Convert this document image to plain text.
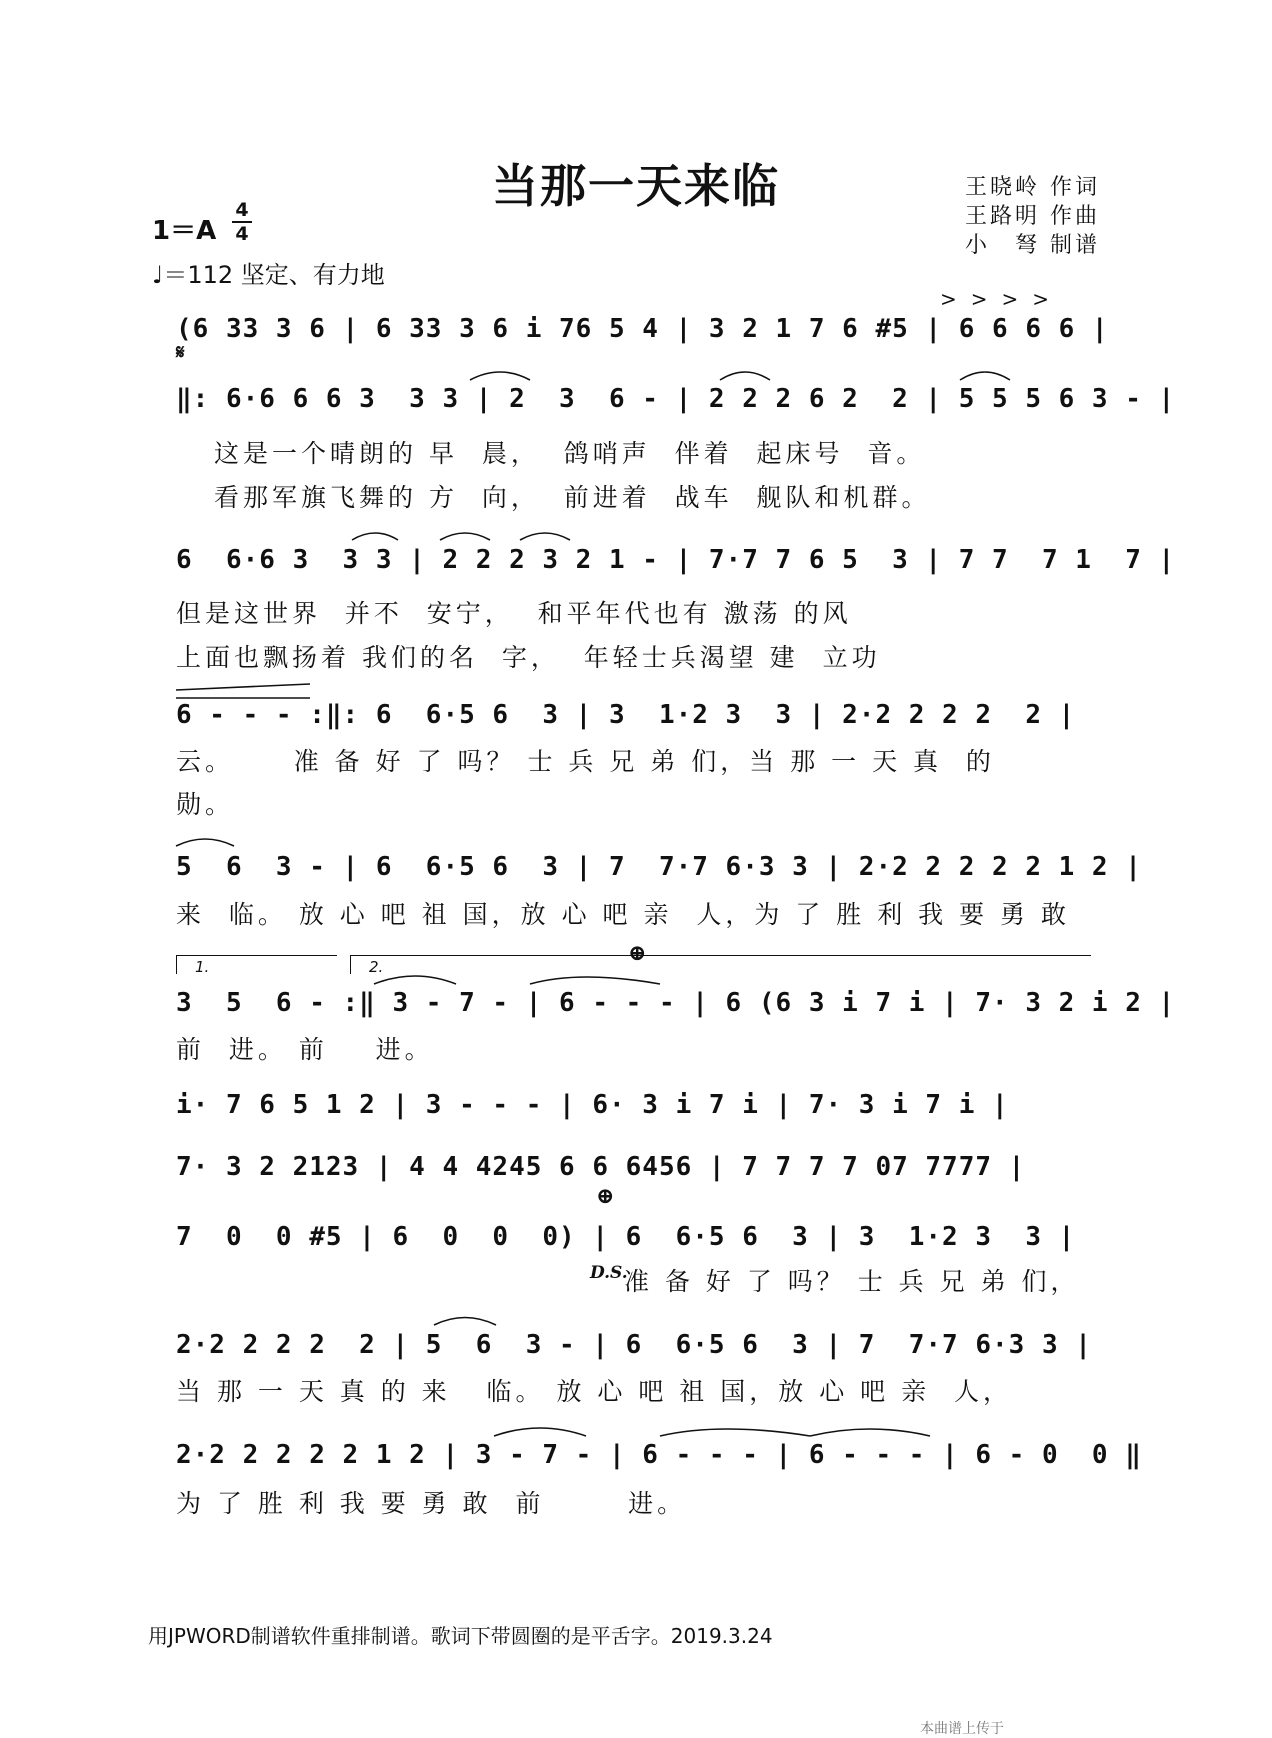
当那一天来临	王晓岭 作词
王路明 作曲
小　弩 制谱
1＝A
4
4
♩＝112 坚定、有力地
>>>>
𝄋
(6 33 3 6 | 6 33 3 6 i 76 5 4 | 3 2 1 7 6 #5 | 6 6 6 6 |
‖: 6·6 6 6 3  3 3 | 2  3  6 - | 2 2 2 6 2  2 | 5 5 5 6 3 - |
这是一个晴朗的 早  晨，  鸽哨声  伴着  起床号  音。
看那军旗飞舞的 方  向，  前进着  战车  舰队和机群。
6  6·6 3  3 3 | 2 2 2 3 2 1 - | 7·7 7 6 5  3 | 7 7  7 1  7 |
但是这世界  并不  安宁，  和平年代也有 激荡 的风
上面也飘扬着 我们的名  字，  年轻士兵渴望 建  立功
6 - - - :‖: 6  6·5 6  3 | 3  1·2 3  3 | 2·2 2 2 2  2 |
云。     准 备 好 了 吗？ 士 兵 兄 弟 们，当 那 一 天 真  的
勋。
5  6  3 - | 6  6·5 6  3 | 7  7·7 6·3 3 | 2·2 2 2 2 2 1 2 |
来  临。 放 心 吧 祖 国，放 心 吧 亲  人，为 了 胜 利 我 要 勇 敢
1.	2.
⊕
3  5  6 - :‖ 3 - 7 - | 6 - - - | 6 (6 3 i 7 i | 7· 3 2 i 2 |
前  进。 前    进。
i· 7 6 5 1 2 | 3 - - - | 6· 3 i 7 i | 7· 3 i 7 i |
7· 3 2 2123 | 4 4 4245 6 6 6456 | 7 7 7 7 07 7777 |
⊕
7  0  0 #5 | 6  0  0  0) | 6  6·5 6  3 | 3  1·2 3  3 |
D.S.
准 备 好 了 吗？ 士 兵 兄 弟 们，
2·2 2 2 2  2 | 5  6  3 - | 6  6·5 6  3 | 7  7·7 6·3 3 |
当 那 一 天 真 的 来   临。 放 心 吧 祖 国，放 心 吧 亲  人，
2·2 2 2 2 2 1 2 | 3 - 7 - | 6 - - - | 6 - - - | 6 - 0  0 ‖
为 了 胜 利 我 要 勇 敢  前       进。
用JPWORD制谱软件重排制谱。歌词下带圆圈的是平舌字。2019.3.24
本曲谱上传于
